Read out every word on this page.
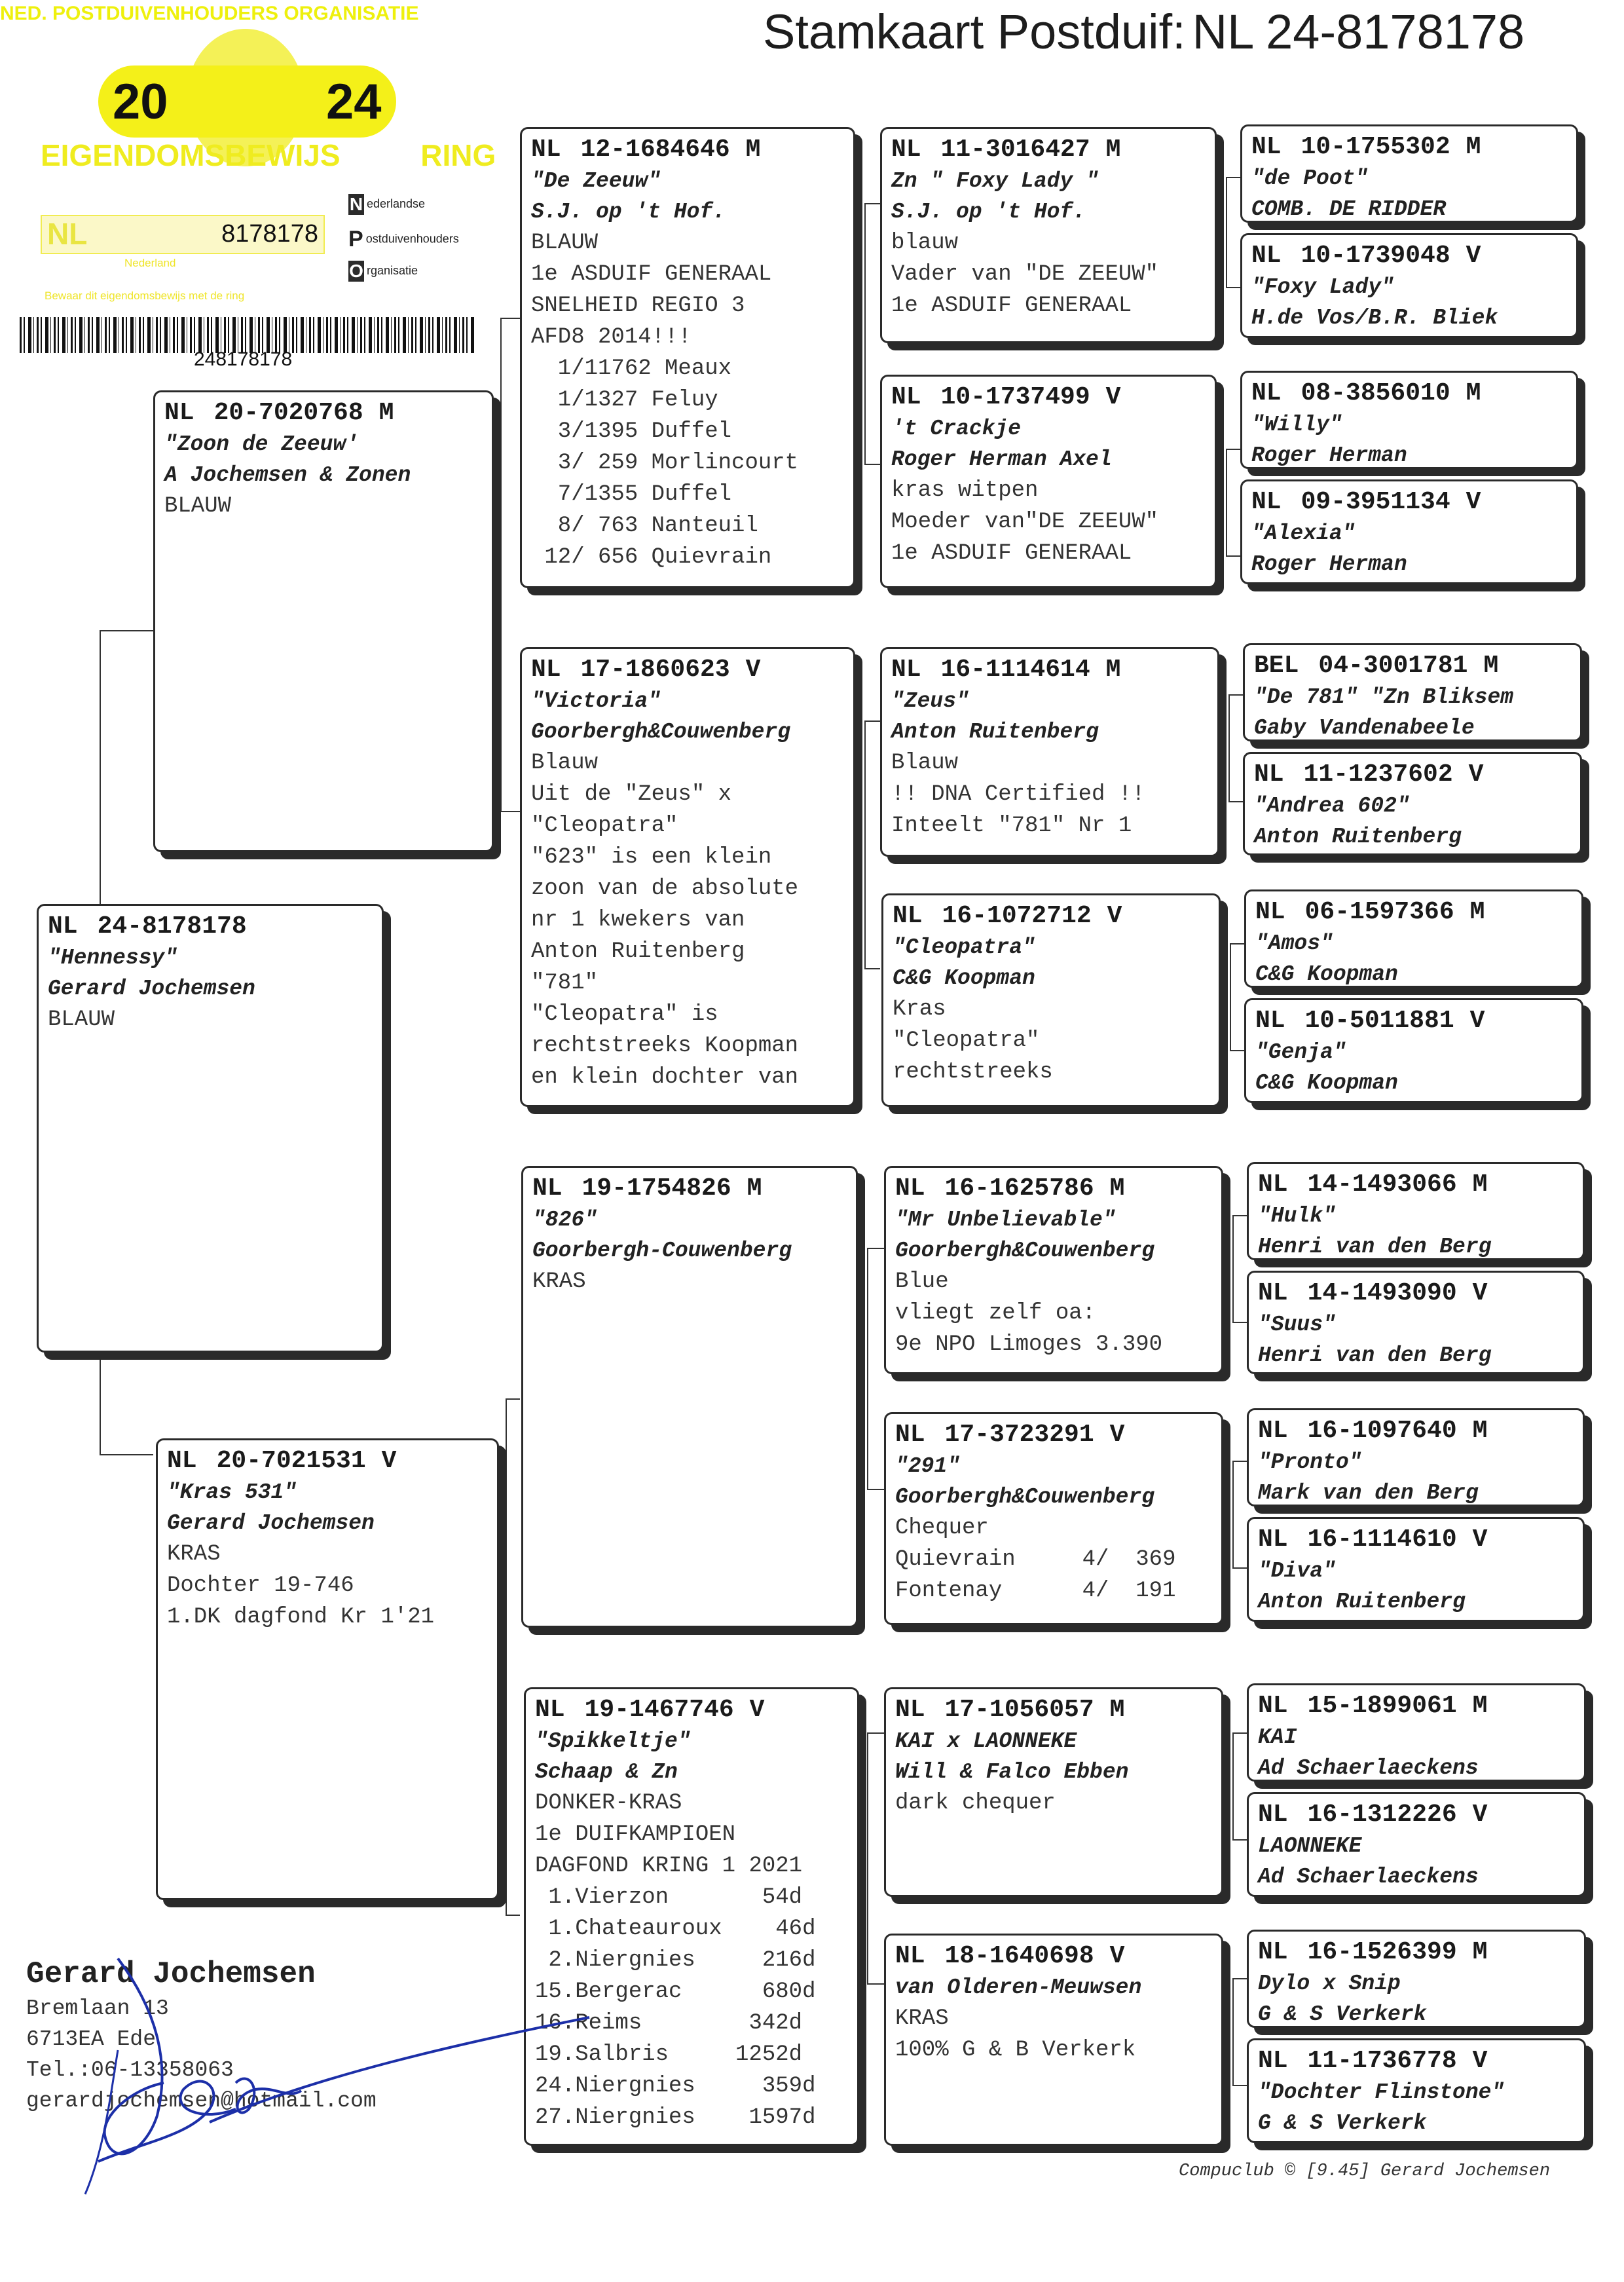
Stamkaart Postduif: NL 24-8178178
NED. POSTDUIVENHOUDERS ORGANISATIE
20	24
EIGENDOMSBEWIJS	RING
NL	8178178
Nederland
Bewaar dit eigendomsbewijs met de ring
N ederlandse
Postduivenhouders
O rganisatie
248178178
NL 24-8178178
"Hennessy"
Gerard Jochemsen
BLAUW
NL 20-7020768 M
"Zoon de Zeeuw'
A Jochemsen & Zonen
BLAUW
NL 20-7021531 V
"Kras 531"
Gerard Jochemsen
KRAS
Dochter 19-746
1.DK dagfond Kr 1'21
NL 12-1684646 M
"De Zeeuw"
S.J. op 't Hof.
BLAUW
1e ASDUIF GENERAAL
SNELHEID REGIO 3
AFD8 2014!!!
1/11762 Meaux
1/1327 Feluy
3/1395 Duffel
3/ 259 Morlincourt
7/1355 Duffel
8/ 763 Nanteuil
12/ 656 Quievrain
NL 17-1860623 V
"Victoria"
Goorbergh&Couwenberg
Blauw
Uit de "Zeus" x
"Cleopatra"
"623" is een klein
zoon van de absolute
nr 1 kwekers van
Anton Ruitenberg
"781"
"Cleopatra" is
rechtstreeks Koopman
en klein dochter van
NL 19-1754826 M
"826"
Goorbergh-Couwenberg
KRAS
NL 19-1467746 V
"Spikkeltje"
Schaap & Zn
DONKER-KRAS
1e DUIFKAMPIOEN
DAGFOND KRING 1 2021
1.Vierzon       54d
1.Chateauroux    46d
2.Niergnies     216d
15.Bergerac      680d
16.Reims        342d
19.Salbris     1252d
24.Niergnies     359d
27.Niergnies    1597d
NL 11-3016427 M
Zn " Foxy Lady "
S.J. op 't Hof.
blauw
Vader van "DE ZEEUW"
1e ASDUIF GENERAAL
NL 10-1737499 V
't Crackje
Roger Herman Axel
kras witpen
Moeder van"DE ZEEUW"
1e ASDUIF GENERAAL
NL 16-1114614 M
"Zeus"
Anton Ruitenberg
Blauw
!! DNA Certified !!
Inteelt "781" Nr 1
NL 16-1072712 V
"Cleopatra"
C&G Koopman
Kras
"Cleopatra"
rechtstreeks
NL 16-1625786 M
"Mr Unbelievable"
Goorbergh&Couwenberg
Blue
vliegt zelf oa:
9e NPO Limoges 3.390
NL 17-3723291 V
"291"
Goorbergh&Couwenberg
Chequer
Quievrain     4/  369
Fontenay      4/  191
NL 17-1056057 M
KAI x LAONNEKE
Will & Falco Ebben
dark chequer
NL 18-1640698 V
van Olderen-Meuwsen
KRAS
100% G & B Verkerk
NL 10-1755302 M
"de Poot"
COMB. DE RIDDER
NL 10-1739048 V
"Foxy Lady"
H.de Vos/B.R. Bliek
NL 08-3856010 M
"Willy"
Roger Herman
NL 09-3951134 V
"Alexia"
Roger Herman
BEL 04-3001781 M
"De 781" "Zn Bliksem
Gaby Vandenabeele
NL 11-1237602 V
"Andrea 602"
Anton Ruitenberg
NL 06-1597366 M
"Amos"
C&G Koopman
NL 10-5011881 V
"Genja"
C&G Koopman
NL 14-1493066 M
"Hulk"
Henri van den Berg
NL 14-1493090 V
"Suus"
Henri van den Berg
NL 16-1097640 M
"Pronto"
Mark van den Berg
NL 16-1114610 V
"Diva"
Anton Ruitenberg
NL 15-1899061 M
KAI
Ad Schaerlaeckens
NL 16-1312226 V
LAONNEKE
Ad Schaerlaeckens
NL 16-1526399 M
Dylo x Snip
G & S Verkerk
NL 11-1736778 V
"Dochter Flinstone"
G & S Verkerk
Gerard Jochemsen
Bremlaan 13
6713EA Ede
Tel.:06-13358063
gerardjochemsen@hotmail.com
Compuclub © [9.45] Gerard Jochemsen
